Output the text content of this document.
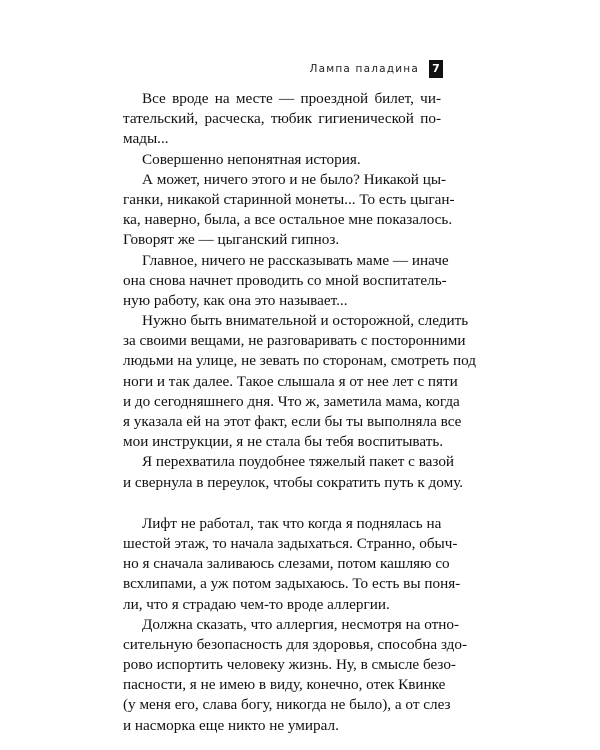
Лампа паладина 7
Все вроде на месте — проездной билет, чи-
тательский, расческа, тюбик гигиенической по-
мады...
Совершенно непонятная история.
А может, ничего этого и не было? Никакой цы-
ганки, никакой старинной монеты... То есть цыган-
ка, наверно, была, а все остальное мне показалось.
Говорят же — цыганский гипноз.
Главное, ничего не рассказывать маме — иначе
она снова начнет проводить со мной воспитатель-
ную работу, как она это называет...
Нужно быть внимательной и осторожной, следить
за своими вещами, не разговаривать с посторонними
людьми на улице, не зевать по сторонам, смотреть под
ноги и так далее. Такое слышала я от нее лет с пяти
и до сегодняшнего дня. Что ж, заметила мама, когда
я указала ей на этот факт, если бы ты выполняла все
мои инструкции, я не стала бы тебя воспитывать.
Я перехватила поудобнее тяжелый пакет с вазой
и свернула в переулок, чтобы сократить путь к дому.
Лифт не работал, так что когда я поднялась на
шестой этаж, то начала задыхаться. Странно, обыч-
но я сначала заливаюсь слезами, потом кашляю со
всхлипами, а уж потом задыхаюсь. То есть вы поня-
ли, что я страдаю чем-то вроде аллергии.
Должна сказать, что аллергия, несмотря на отно-
сительную безопасность для здоровья, способна здо-
рово испортить человеку жизнь. Ну, в смысле безо-
пасности, я не имею в виду, конечно, отек Квинке
(у меня его, слава богу, никогда не было), а от слез
и насморка еще никто не умирал.
